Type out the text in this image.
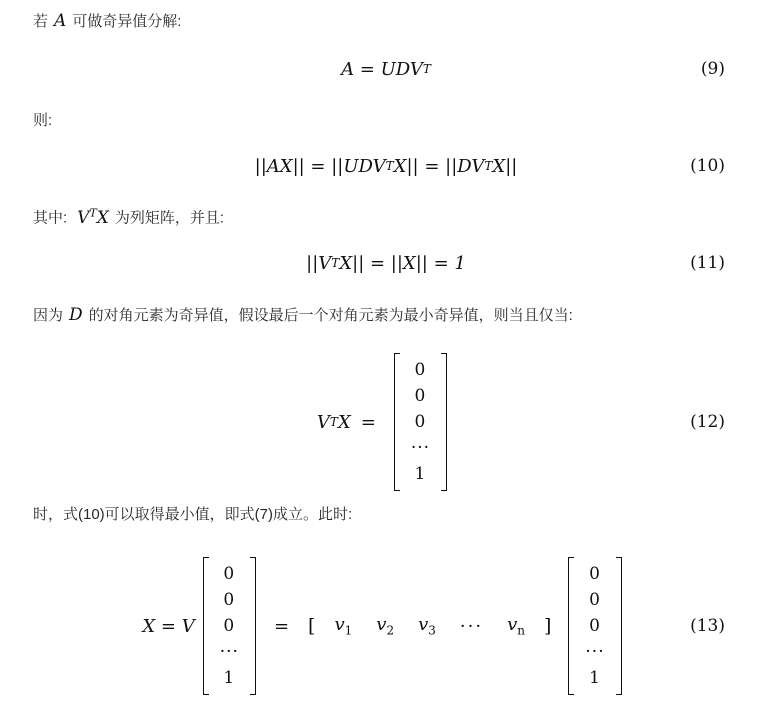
若 A 可做奇异值分解:

A = UDV T	(9)

则:

||AX|| = ||UDV T X|| = ||DV T X||	(10)

其中: $V^TX$ 为列矩阵，并且:

||V T X|| = ||X|| = 1	(11)

因为 D 的对角元素为奇异值，假设最后一个对角元素为最小奇异值，则当且仅当:

V T X =
0
0
0
···
1
(12)

时，式(10)可以取得最小值，即式(7)成立。此时:

X = V
0
0
0
···
1
= [ $v_1$ $v_2$ $v_3$ ··· $v_n$ ]
0
0
0
···
1
(13)
